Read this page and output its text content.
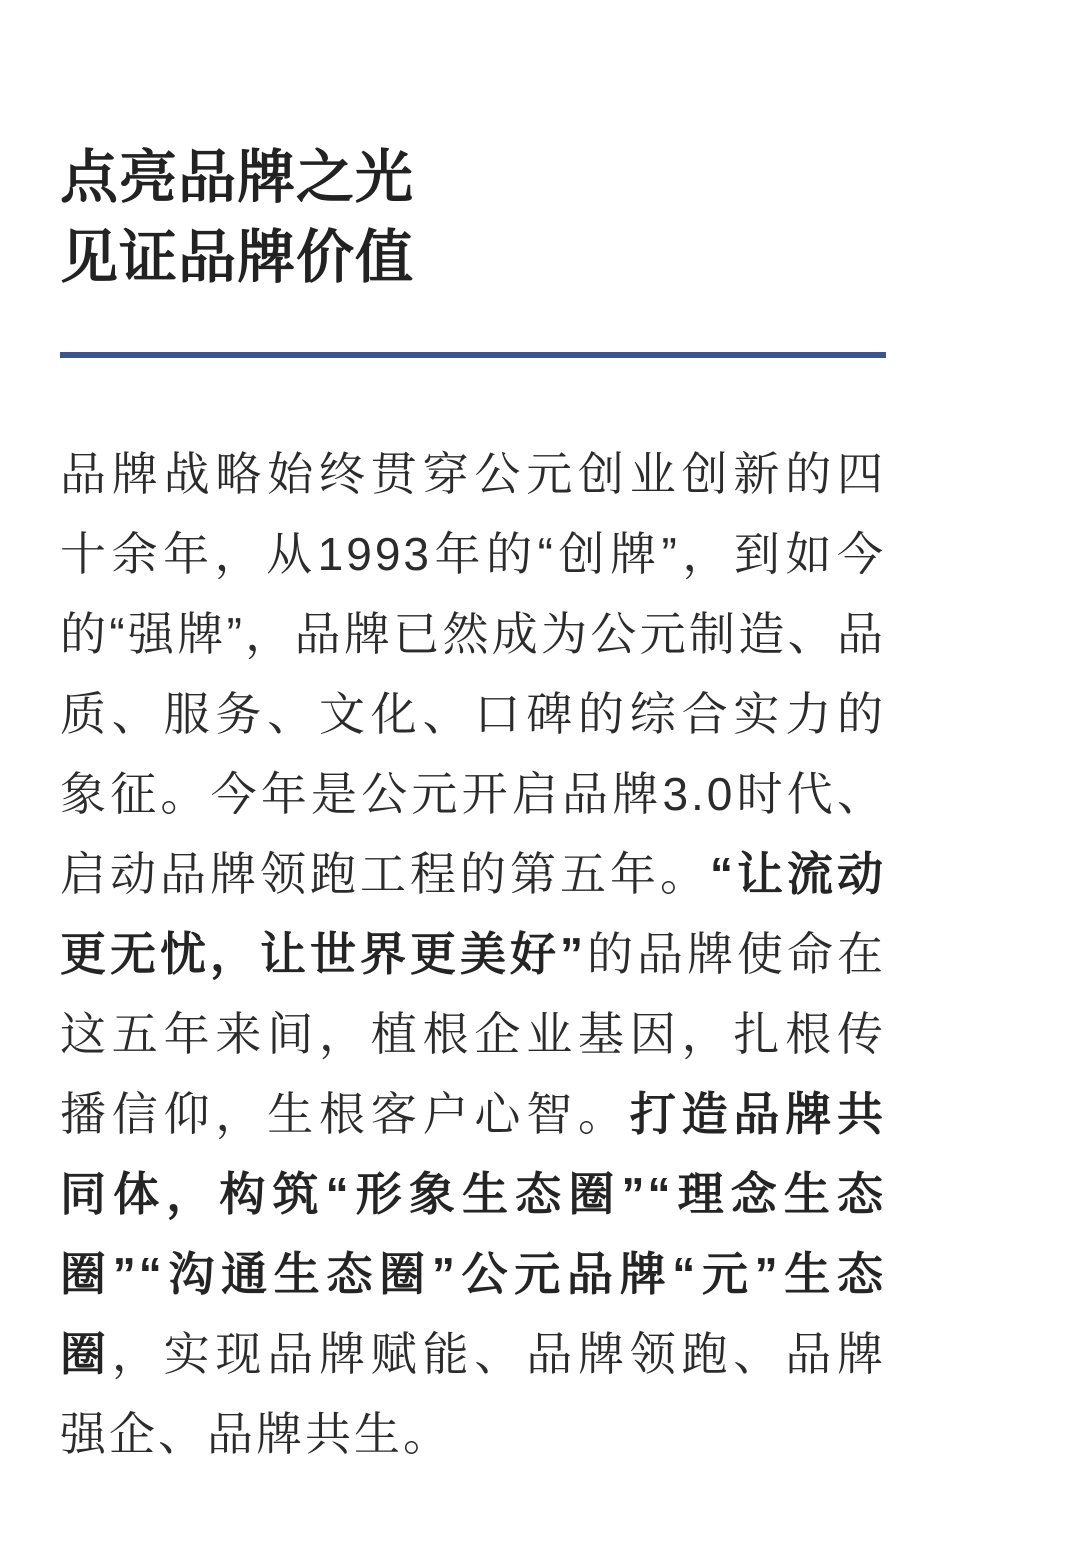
点亮品牌之光
见证品牌价值

品牌战略始终贯穿公元创业创新的四十余年，从1993年的“创牌”，到如今的“强牌”，品牌已然成为公元制造、品质、服务、文化、口碑的综合实力的象征。今年是公元开启品牌3.0时代、启动品牌领跑工程的第五年。“让流动更无忧，让世界更美好”的品牌使命在这五年来间，植根企业基因，扎根传播信仰，生根客户心智。打造品牌共同体，构筑“形象生态圈”“理念生态圈”“沟通生态圈”公元品牌“元”生态圈，实现品牌赋能、品牌领跑、品牌强企、品牌共生。
